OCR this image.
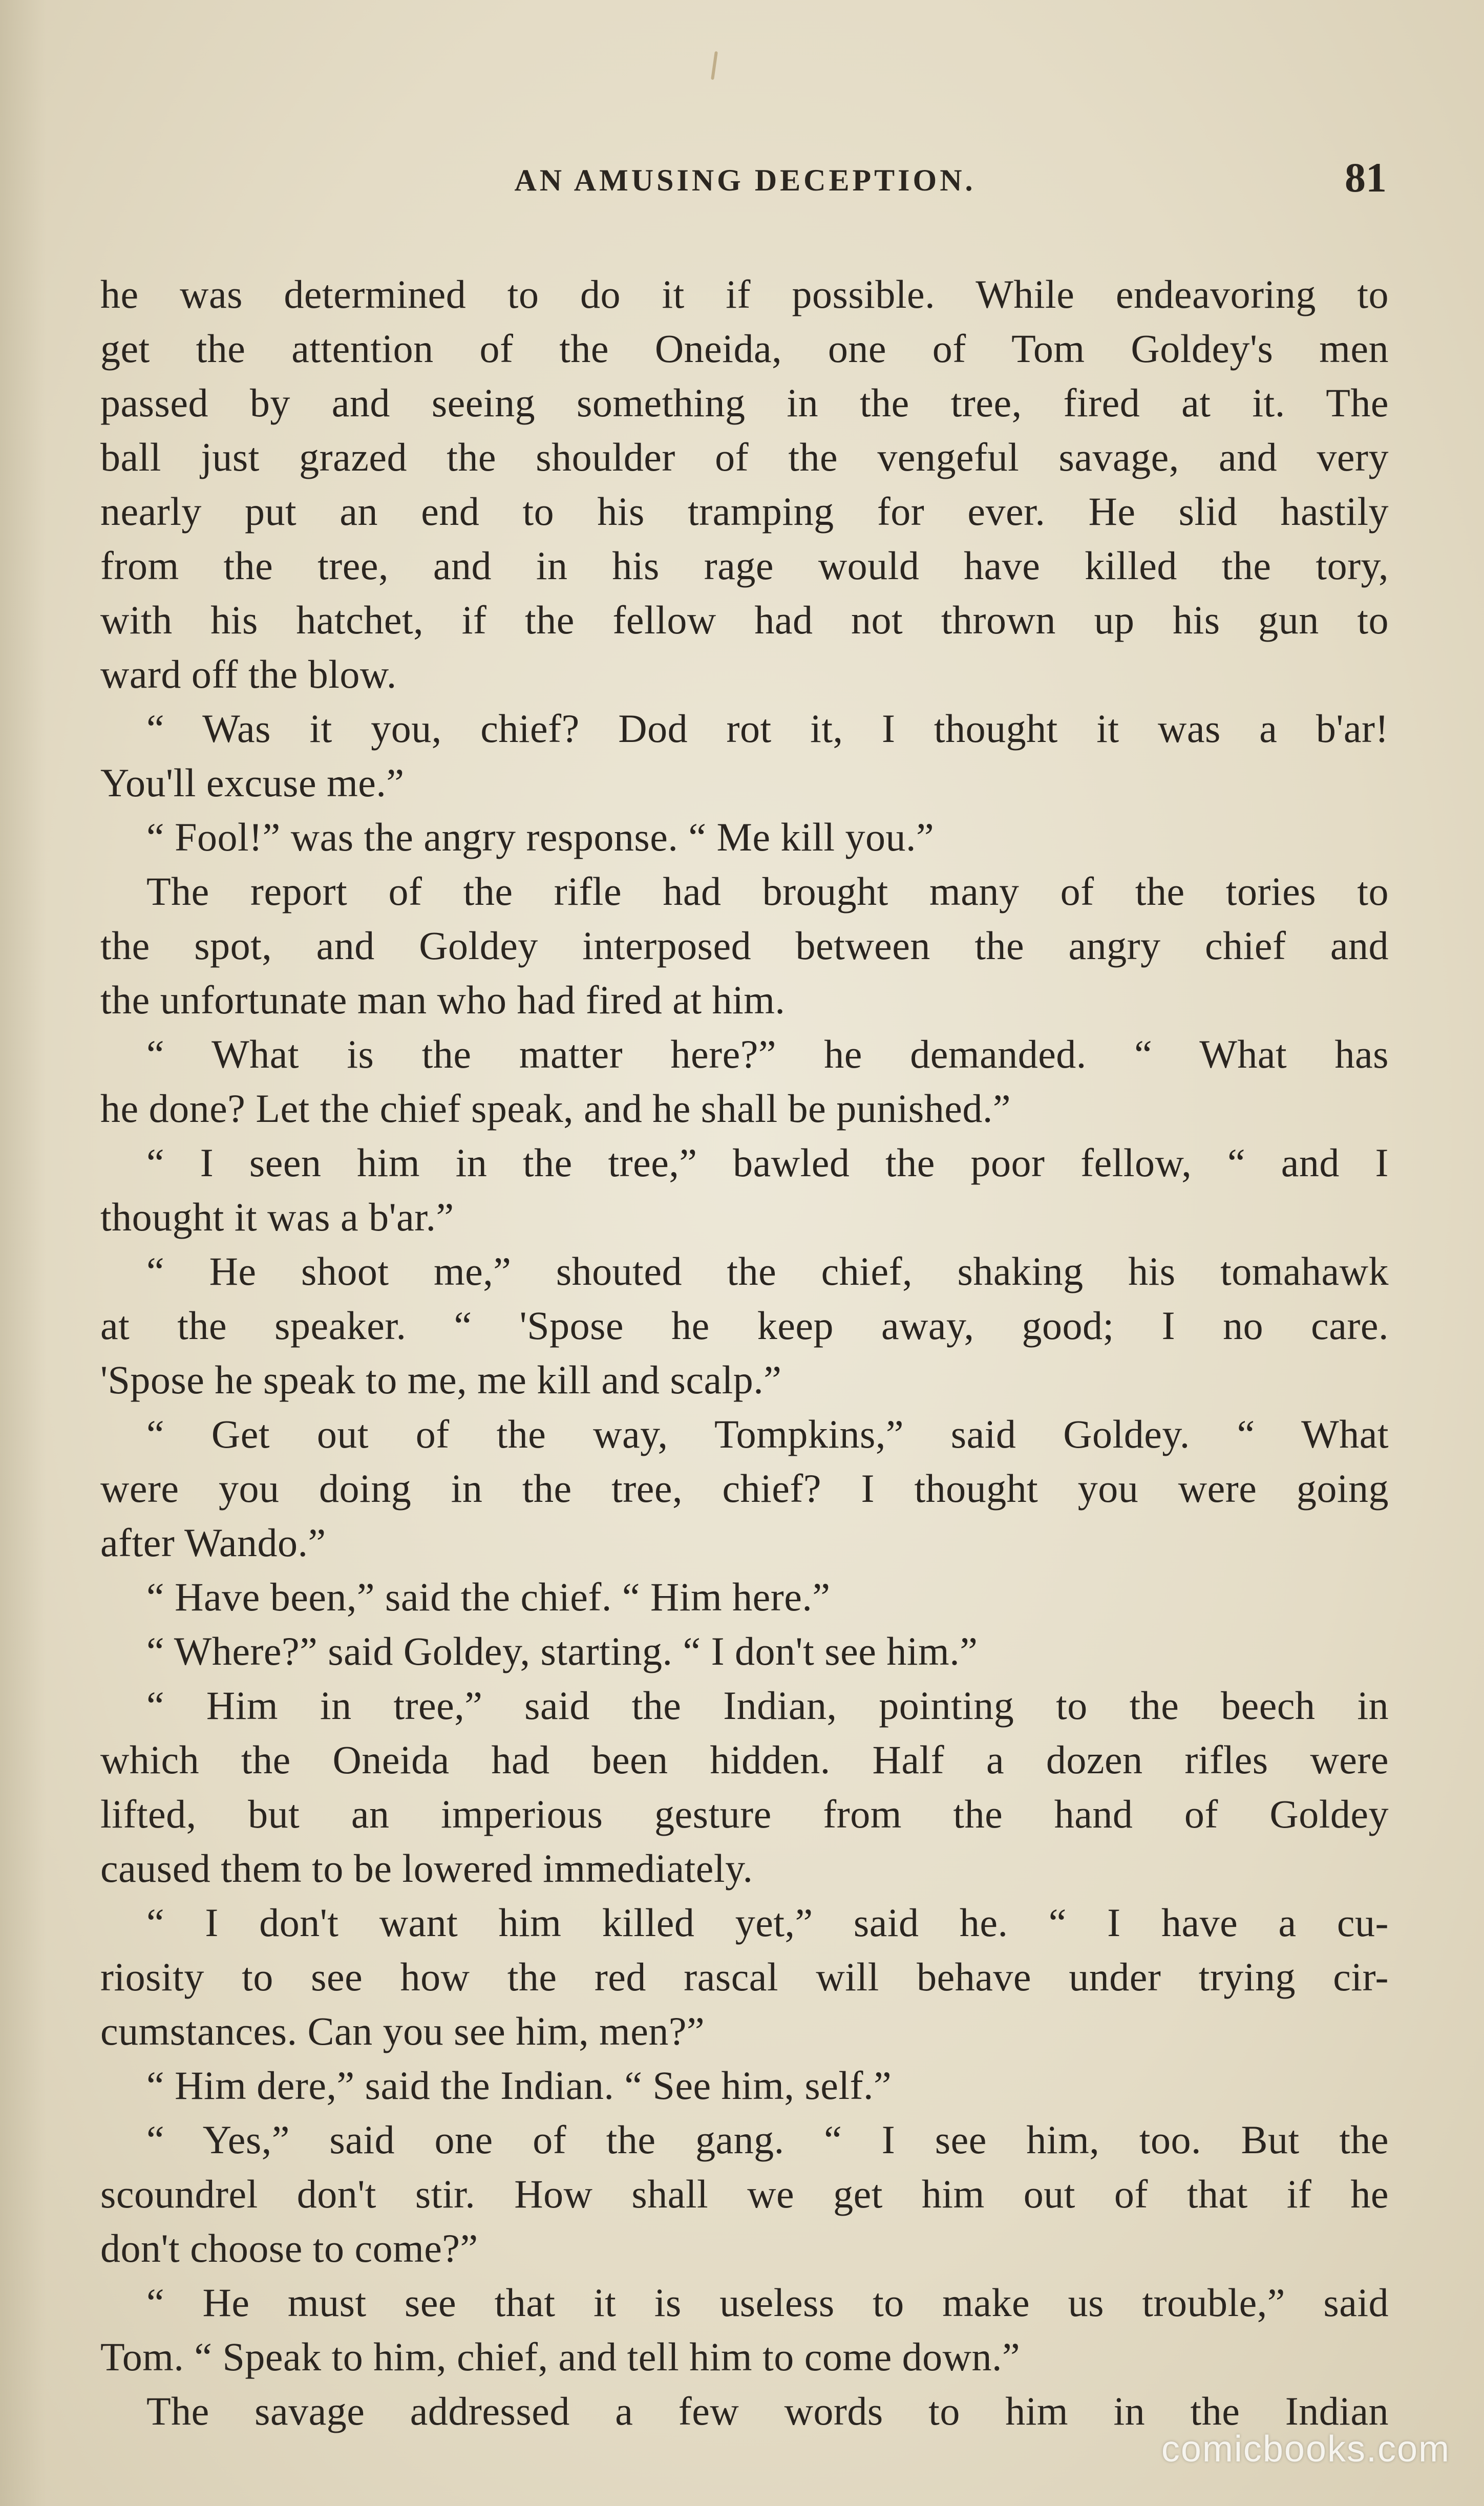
AN AMUSING DECEPTION.	81
he was determined to do it if possible. While endeavoring to
get the attention of the Oneida, one of Tom Goldey's men
passed by and seeing something in the tree, fired at it. The
ball just grazed the shoulder of the vengeful savage, and very
nearly put an end to his tramping for ever. He slid hastily
from the tree, and in his rage would have killed the tory,
with his hatchet, if the fellow had not thrown up his gun to
ward off the blow.
“ Was it you, chief? Dod rot it, I thought it was a b'ar!
You'll excuse me.”
“ Fool!” was the angry response. “ Me kill you.”
The report of the rifle had brought many of the tories to
the spot, and Goldey interposed between the angry chief and
the unfortunate man who had fired at him.
“ What is the matter here?” he demanded. “ What has
he done? Let the chief speak, and he shall be punished.”
“ I seen him in the tree,” bawled the poor fellow, “ and I
thought it was a b'ar.”
“ He shoot me,” shouted the chief, shaking his tomahawk
at the speaker. “ 'Spose he keep away, good; I no care.
'Spose he speak to me, me kill and scalp.”
“ Get out of the way, Tompkins,” said Goldey. “ What
were you doing in the tree, chief? I thought you were going
after Wando.”
“ Have been,” said the chief. “ Him here.”
“ Where?” said Goldey, starting. “ I don't see him.”
“ Him in tree,” said the Indian, pointing to the beech in
which the Oneida had been hidden. Half a dozen rifles were
lifted, but an imperious gesture from the hand of Goldey
caused them to be lowered immediately.
“ I don't want him killed yet,” said he. “ I have a cu-
riosity to see how the red rascal will behave under trying cir-
cumstances. Can you see him, men?”
“ Him dere,” said the Indian. “ See him, self.”
“ Yes,” said one of the gang. “ I see him, too. But the
scoundrel don't stir. How shall we get him out of that if he
don't choose to come?”
“ He must see that it is useless to make us trouble,” said
Tom. “ Speak to him, chief, and tell him to come down.”
The savage addressed a few words to him in the Indian
comicbooks.com
